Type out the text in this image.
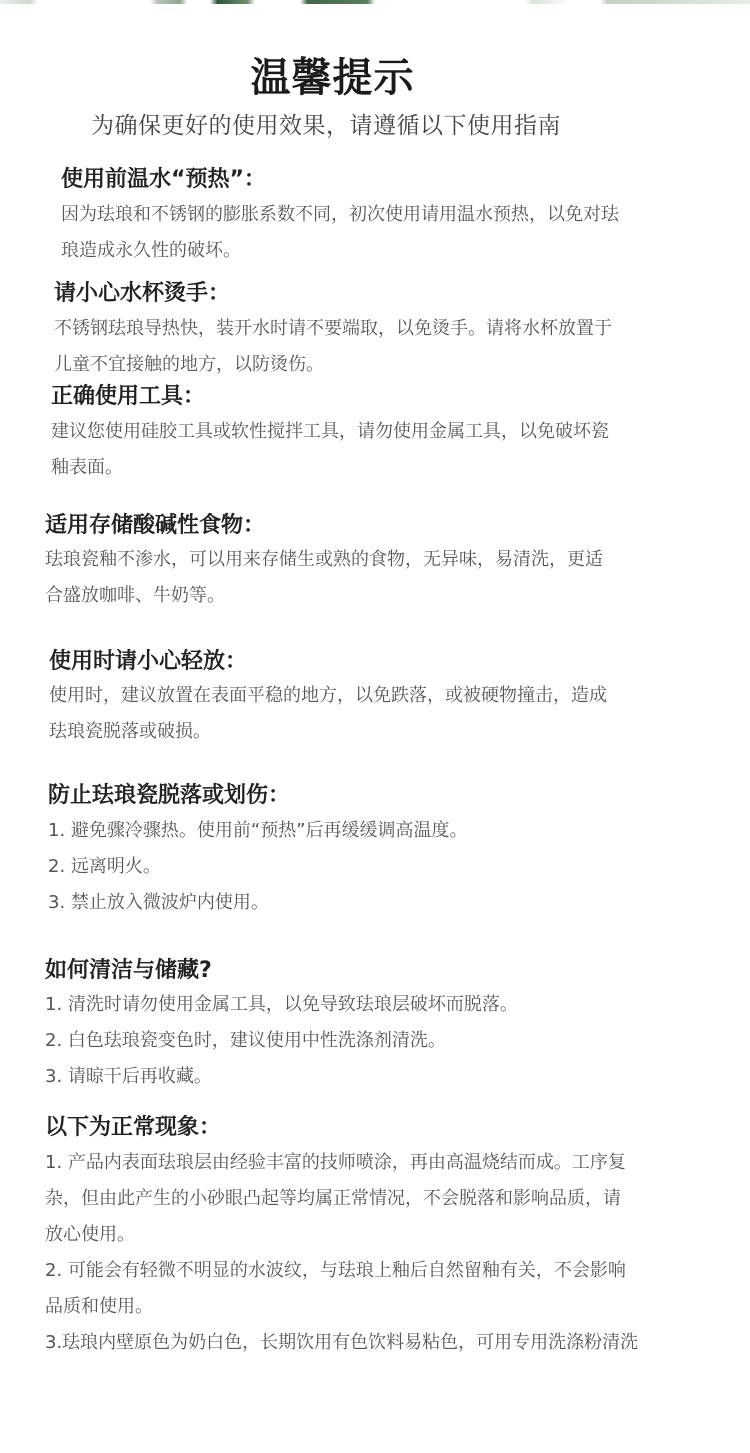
温馨提示
为确保更好的使用效果，请遵循以下使用指南
使用前温水“预热”：
因为珐琅和不锈钢的膨胀系数不同，初次使用请用温水预热，以免对珐
琅造成永久性的破坏。
请小心水杯烫手：
不锈钢珐琅导热快，装开水时请不要端取，以免烫手。请将水杯放置于
儿童不宜接触的地方，以防烫伤。
正确使用工具：
建议您使用硅胶工具或软性搅拌工具，请勿使用金属工具，以免破坏瓷
釉表面。
适用存储酸碱性食物：
珐琅瓷釉不渗水，可以用来存储生或熟的食物，无异味，易清洗，更适
合盛放咖啡、牛奶等。
使用时请小心轻放：
使用时，建议放置在表面平稳的地方，以免跌落，或被硬物撞击，造成
珐琅瓷脱落或破损。
防止珐琅瓷脱落或划伤：
1. 避免骤冷骤热。使用前“预热”后再缓缓调高温度。
2. 远离明火。
3. 禁止放入微波炉内使用。
如何清洁与储藏?
1. 清洗时请勿使用金属工具，以免导致珐琅层破坏而脱落。
2. 白色珐琅瓷变色时，建议使用中性洗涤剂清洗。
3. 请晾干后再收藏。
以下为正常现象：
1. 产品内表面珐琅层由经验丰富的技师喷涂，再由高温烧结而成。工序复
杂，但由此产生的小砂眼凸起等均属正常情况，不会脱落和影响品质，请
放心使用。
2. 可能会有轻微不明显的水波纹，与珐琅上釉后自然留釉有关，不会影响
品质和使用。
3.珐琅内壁原色为奶白色，长期饮用有色饮料易粘色，可用专用洗涤粉清洗
